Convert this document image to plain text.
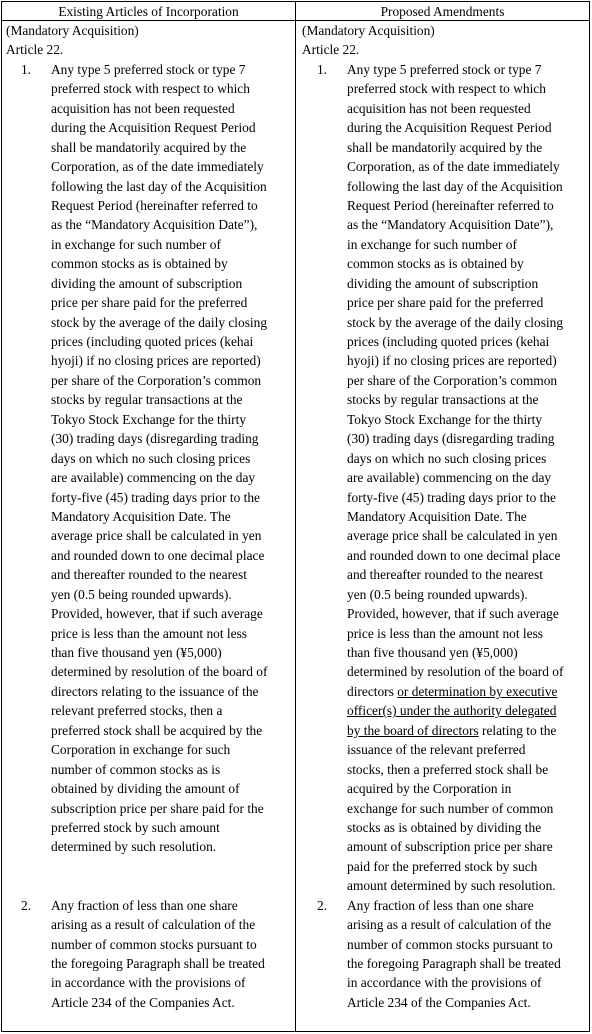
Existing Articles of Incorporation	Proposed Amendments
(Mandatory Acquisition)
Article 22.
1. Any type 5 preferred stock or type 7
preferred stock with respect to which
acquisition has not been requested
during the Acquisition Request Period
shall be mandatorily acquired by the
Corporation, as of the date immediately
following the last day of the Acquisition
Request Period (hereinafter referred to
as the “Mandatory Acquisition Date”),
in exchange for such number of
common stocks as is obtained by
dividing the amount of subscription
price per share paid for the preferred
stock by the average of the daily closing
prices (including quoted prices (kehai
hyoji) if no closing prices are reported)
per share of the Corporation’s common
stocks by regular transactions at the
Tokyo Stock Exchange for the thirty
(30) trading days (disregarding trading
days on which no such closing prices
are available) commencing on the day
forty-five (45) trading days prior to the
Mandatory Acquisition Date. The
average price shall be calculated in yen
and rounded down to one decimal place
and thereafter rounded to the nearest
yen (0.5 being rounded upwards).
Provided, however, that if such average
price is less than the amount not less
than five thousand yen (¥5,000)
determined by resolution of the board of
directors relating to the issuance of the
relevant preferred stocks, then a
preferred stock shall be acquired by the
Corporation in exchange for such
number of common stocks as is
obtained by dividing the amount of
subscription price per share paid for the
preferred stock by such amount
determined by such resolution.
2. Any fraction of less than one share
arising as a result of calculation of the
number of common stocks pursuant to
the foregoing Paragraph shall be treated
in accordance with the provisions of
Article 234 of the Companies Act.
(Mandatory Acquisition)
Article 22.
1. Any type 5 preferred stock or type 7
preferred stock with respect to which
acquisition has not been requested
during the Acquisition Request Period
shall be mandatorily acquired by the
Corporation, as of the date immediately
following the last day of the Acquisition
Request Period (hereinafter referred to
as the “Mandatory Acquisition Date”),
in exchange for such number of
common stocks as is obtained by
dividing the amount of subscription
price per share paid for the preferred
stock by the average of the daily closing
prices (including quoted prices (kehai
hyoji) if no closing prices are reported)
per share of the Corporation’s common
stocks by regular transactions at the
Tokyo Stock Exchange for the thirty
(30) trading days (disregarding trading
days on which no such closing prices
are available) commencing on the day
forty-five (45) trading days prior to the
Mandatory Acquisition Date. The
average price shall be calculated in yen
and rounded down to one decimal place
and thereafter rounded to the nearest
yen (0.5 being rounded upwards).
Provided, however, that if such average
price is less than the amount not less
than five thousand yen (¥5,000)
determined by resolution of the board of
directors or determination by executive
officer(s) under the authority delegated
by the board of directors relating to the
issuance of the relevant preferred
stocks, then a preferred stock shall be
acquired by the Corporation in
exchange for such number of common
stocks as is obtained by dividing the
amount of subscription price per share
paid for the preferred stock by such
amount determined by such resolution.
2. Any fraction of less than one share
arising as a result of calculation of the
number of common stocks pursuant to
the foregoing Paragraph shall be treated
in accordance with the provisions of
Article 234 of the Companies Act.
